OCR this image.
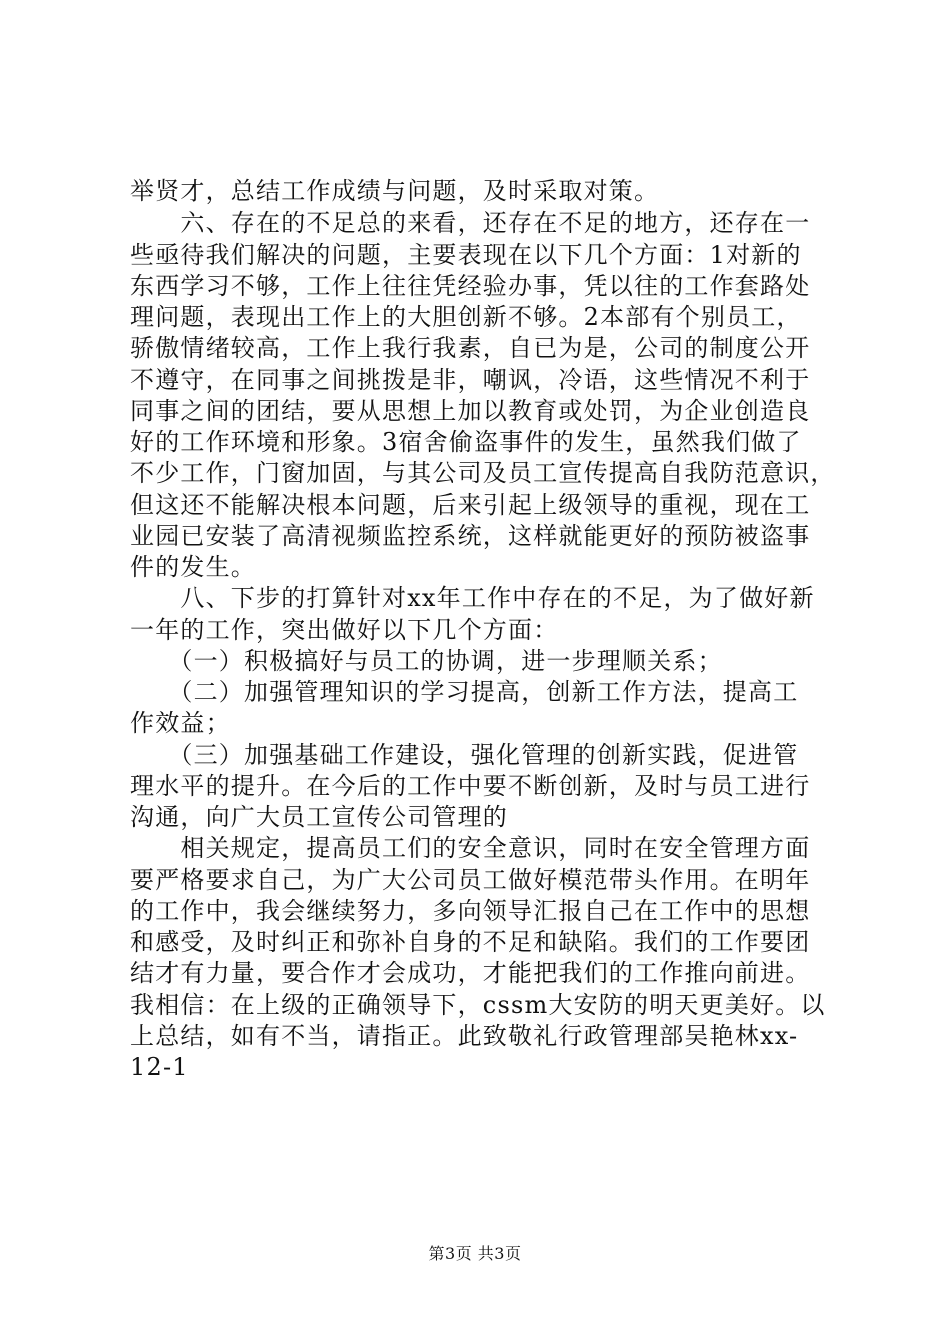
举贤才，总结工作成绩与问题，及时采取对策。
　　六、存在的不足总的来看，还存在不足的地方，还存在一
些亟待我们解决的问题，主要表现在以下几个方面：1对新的
东西学习不够，工作上往往凭经验办事，凭以往的工作套路处
理问题，表现出工作上的大胆创新不够。2本部有个别员工，
骄傲情绪较高，工作上我行我素，自已为是，公司的制度公开
不遵守，在同事之间挑拨是非，嘲讽，冷语，这些情况不利于
同事之间的团结，要从思想上加以教育或处罚，为企业创造良
好的工作环境和形象。3宿舍偷盗事件的发生，虽然我们做了
不少工作，门窗加固，与其公司及员工宣传提高自我防范意识，
但这还不能解决根本问题，后来引起上级领导的重视，现在工
业园已安装了高清视频监控系统，这样就能更好的预防被盗事
件的发生。
　　八、下步的打算针对xx年工作中存在的不足，为了做好新
一年的工作，突出做好以下几个方面：
　　（一）积极搞好与员工的协调，进一步理顺关系；
　　（二）加强管理知识的学习提高，创新工作方法，提高工
作效益；
　　（三）加强基础工作建设，强化管理的创新实践，促进管
理水平的提升。在今后的工作中要不断创新，及时与员工进行
沟通，向广大员工宣传公司管理的
　　相关规定，提高员工们的安全意识，同时在安全管理方面
要严格要求自己，为广大公司员工做好模范带头作用。在明年
的工作中，我会继续努力，多向领导汇报自己在工作中的思想
和感受，及时纠正和弥补自身的不足和缺陷。我们的工作要团
结才有力量，要合作才会成功，才能把我们的工作推向前进。
我相信：在上级的正确领导下，cssm大安防的明天更美好。以
上总结，如有不当，请指正。此致敬礼行政管理部吴艳林xx-
12-1
第3页 共3页
